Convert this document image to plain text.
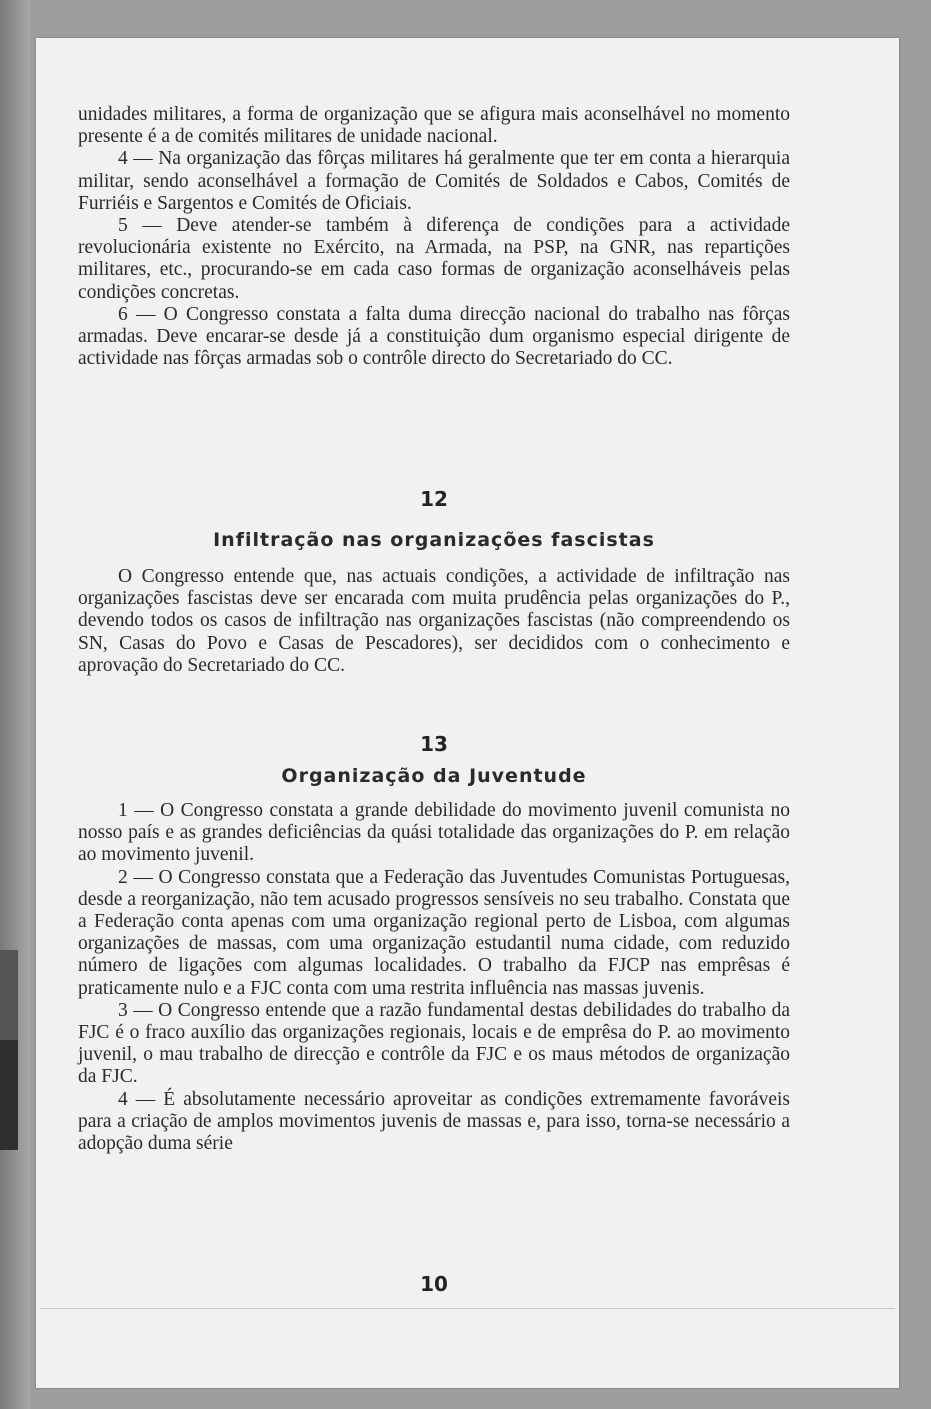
unidades militares, a forma de organização que se afigura mais aconselhável no momento presente é a de comités militares de unidade nacional.

4 — Na organização das fôrças militares há geralmente que ter em conta a hierarquia militar, sendo aconselhável a formação de Comités de Soldados e Cabos, Comités de Furriéis e Sargentos e Comités de Oficiais.

5 — Deve atender-se também à diferença de condições para a actividade revolucionária existente no Exército, na Armada, na PSP, na GNR, nas repartições militares, etc., procurando-se em cada caso formas de organização aconselháveis pelas condições concretas.

6 — O Congresso constata a falta duma direcção nacional do trabalho nas fôrças armadas. Deve encarar-se desde já a constituição dum organismo especial dirigente de actividade nas fôrças armadas sob o contrôle directo do Secretariado do CC.

12
Infiltração nas organizações fascistas

O Congresso entende que, nas actuais condições, a actividade de infiltração nas organizações fascistas deve ser encarada com muita prudência pelas organizações do P., devendo todos os casos de infiltração nas organizações fascistas (não compreendendo os SN, Casas do Povo e Casas de Pescadores), ser decididos com o conhecimento e aprovação do Secretariado do CC.

13
Organização da Juventude

1 — O Congresso constata a grande debilidade do movimento juvenil comunista no nosso país e as grandes deficiências da quási totalidade das organizações do P. em relação ao movimento juvenil.

2 — O Congresso constata que a Federação das Juventudes Comunistas Portuguesas, desde a reorganização, não tem acusado progressos sensíveis no seu trabalho. Constata que a Federação conta apenas com uma organização regional perto de Lisboa, com algumas organizações de massas, com uma organização estudantil numa cidade, com reduzido número de ligações com algumas localidades. O trabalho da FJCP nas emprêsas é praticamente nulo e a FJC conta com uma restrita influência nas massas juvenis.

3 — O Congresso entende que a razão fundamental destas debilidades do trabalho da FJC é o fraco auxílio das organizações regionais, locais e de emprêsa do P. ao movimento juvenil, o mau trabalho de direcção e contrôle da FJC e os maus métodos de organização da FJC.

4 — É absolutamente necessário aproveitar as condições extremamente favoráveis para a criação de amplos movimentos juvenis de massas e, para isso, torna-se necessário a adopção duma série

10
